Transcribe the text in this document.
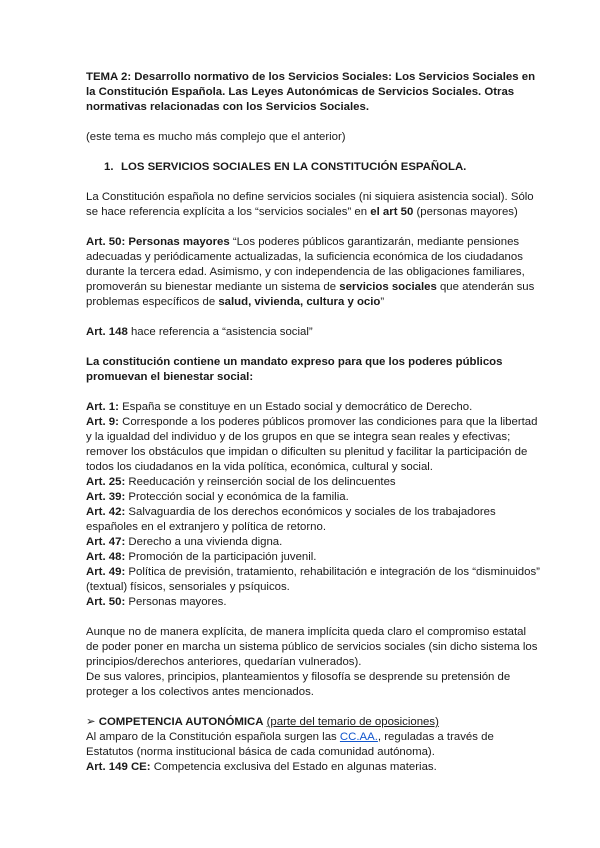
TEMA 2: Desarrollo normativo de los Servicios Sociales: Los Servicios Sociales en la Constitución Española. Las Leyes Autonómicas de Servicios Sociales. Otras normativas relacionadas con los Servicios Sociales.

(este tema es mucho más complejo que el anterior)

1. LOS SERVICIOS SOCIALES EN LA CONSTITUCIÓN ESPAÑOLA.

La Constitución española no define servicios sociales (ni siquiera asistencia social). Sólo se hace referencia explícita a los “servicios sociales” en el art 50 (personas mayores)

Art. 50: Personas mayores “Los poderes públicos garantizarán, mediante pensiones adecuadas y periódicamente actualizadas, la suficiencia económica de los ciudadanos durante la tercera edad. Asimismo, y con independencia de las obligaciones familiares, promoverán su bienestar mediante un sistema de servicios sociales que atenderán sus problemas específicos de salud, vivienda, cultura y ocio”

Art. 148 hace referencia a “asistencia social”

La constitución contiene un mandato expreso para que los poderes públicos promuevan el bienestar social:

Art. 1: España se constituye en un Estado social y democrático de Derecho.

Art. 9: Corresponde a los poderes públicos promover las condiciones para que la libertad y la igualdad del individuo y de los grupos en que se integra sean reales y efectivas; remover los obstáculos que impidan o dificulten su plenitud y facilitar la participación de todos los ciudadanos en la vida política, económica, cultural y social.

Art. 25: Reeducación y reinserción social de los delincuentes

Art. 39: Protección social y económica de la familia.

Art. 42: Salvaguardia de los derechos económicos y sociales de los trabajadores españoles en el extranjero y política de retorno.

Art. 47: Derecho a una vivienda digna.

Art. 48: Promoción de la participación juvenil.

Art. 49: Política de previsión, tratamiento, rehabilitación e integración de los “disminuidos” (textual) físicos, sensoriales y psíquicos.

Art. 50: Personas mayores.

Aunque no de manera explícita, de manera implícita queda claro el compromiso estatal de poder poner en marcha un sistema público de servicios sociales (sin dicho sistema los principios/derechos anteriores, quedarían vulnerados).

De sus valores, principios, planteamientos y filosofía se desprende su pretensión de proteger a los colectivos antes mencionados.

➢ COMPETENCIA AUTONÓMICA (parte del temario de oposiciones)

Al amparo de la Constitución española surgen las CC.AA., reguladas a través de Estatutos (norma institucional básica de cada comunidad autónoma).

Art. 149 CE: Competencia exclusiva del Estado en algunas materias.
